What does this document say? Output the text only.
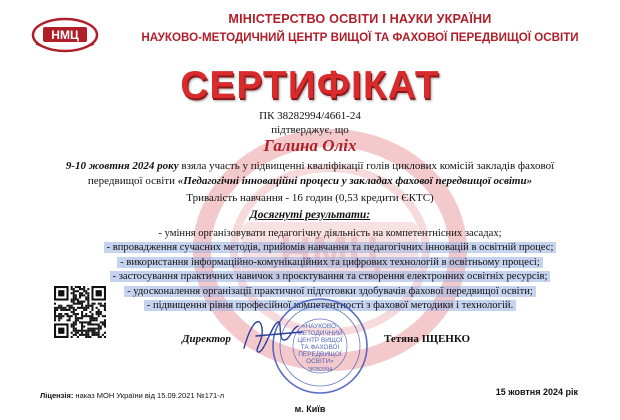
НМЦ
МІНІСТЕРСТВО ОСВІТИ І НАУКИ УКРАЇНИ
НАУКОВО-МЕТОДИЧНИЙ ЦЕНТР ВИЩОЇ ТА ФАХОВОЇ ПЕРЕДВИЩОЇ ОСВІТИ
СЕРТИФІКАТ
ПК 38282994/4661-24
підтверджує, що
Галина Оліх
9-10 жовтня 2024 року взяла участь у підвищенні кваліфікації голів циклових комісій закладів фахової передвищої освіти «Педагогічні інноваційні процеси у закладах фахової передвищої освіти»
Тривалість навчання - 16 годин (0,53 кредити ЄКТС)
Досягнуті результати:
- уміння організовувати педагогічну діяльність на компетентнісних засадах;
- впровадження сучасних методів, прийомів навчання та педагогічних інновацій в освітній процес;
- використання інформаційно-комунікаційних та цифрових технологій в освітньому процесі;
- застосування практичних навичок з проєктування та створення електронних освітніх ресурсів;
- удосконалення організації практичної підготовки здобувачів фахової передвищої освіти;
- підвищення рівня професійної компетентності з фахової методики і технологій.
Директор
«НАУКОВО-
МЕТОДИЧНИЙ
ЦЕНТР ВИЩОЇ
ТА ФАХОВОЇ
ПЕРЕДВИЩОЇ
ОСВІТИ»
38282994
Тетяна ІЩЕНКО
Ліцензія: наказ МОН України від 15.09.2021 №171-л	15 жовтня 2024 рік
м. Київ
